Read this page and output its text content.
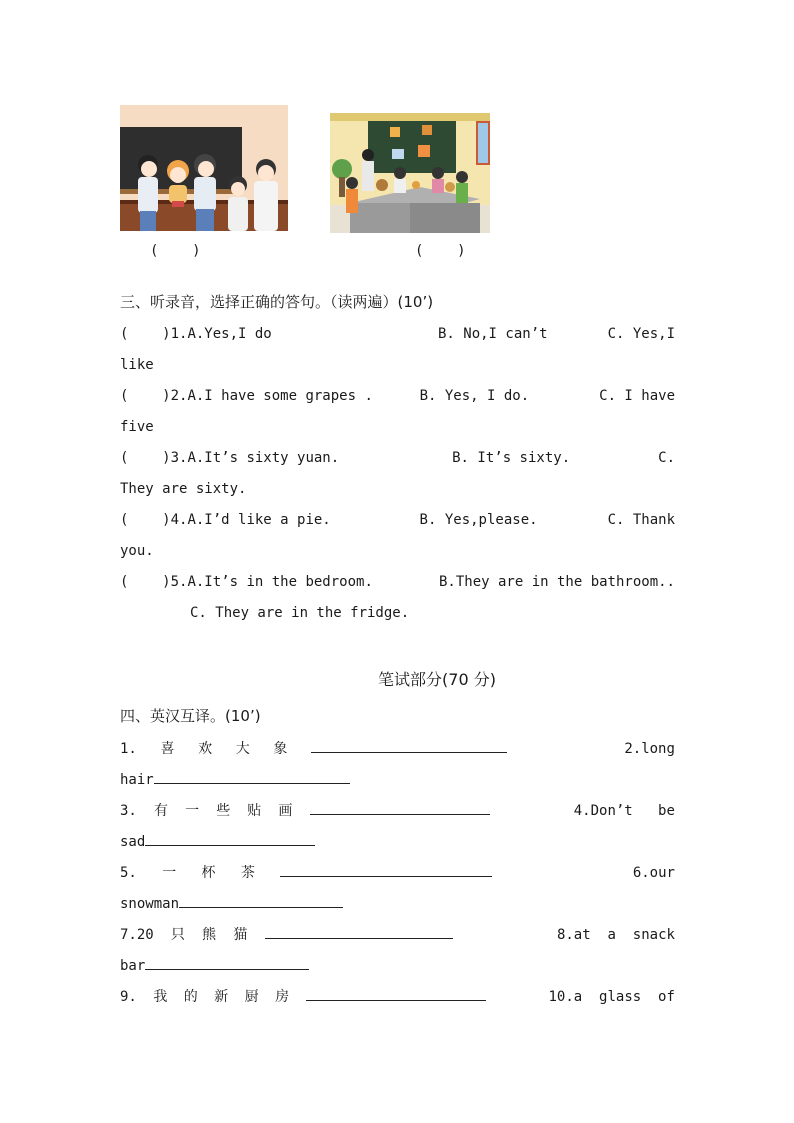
(    )	(    )
三、听录音，选择正确的答句。（读两遍）(10’)
(    )1.A.Yes,I do	B. No,I can’t	C. Yes,I
like
(    )2.A.I have some grapes .	B. Yes, I do.	C. I have
five
(    )3.A.It’s sixty yuan.	B. It’s sixty.	C.
They are sixty.
(    )4.A.I’d like a pie.	B. Yes,please.	C. Thank
you.
(    )5.A.It’s in the bedroom.	B.They are in the bathroom..
C. They are in the fridge.
笔试部分(70 分)
四、英汉互译。(10’)
1. 喜 欢 大 象	2.long
hair
3. 有 一 些 贴 画	4.Don’t   be
sad
5. 一 杯 茶	6.our
snowman
7.20 只 熊 猫	8.at  a  snack
bar
9. 我 的 新 厨 房	10.a  glass  of
